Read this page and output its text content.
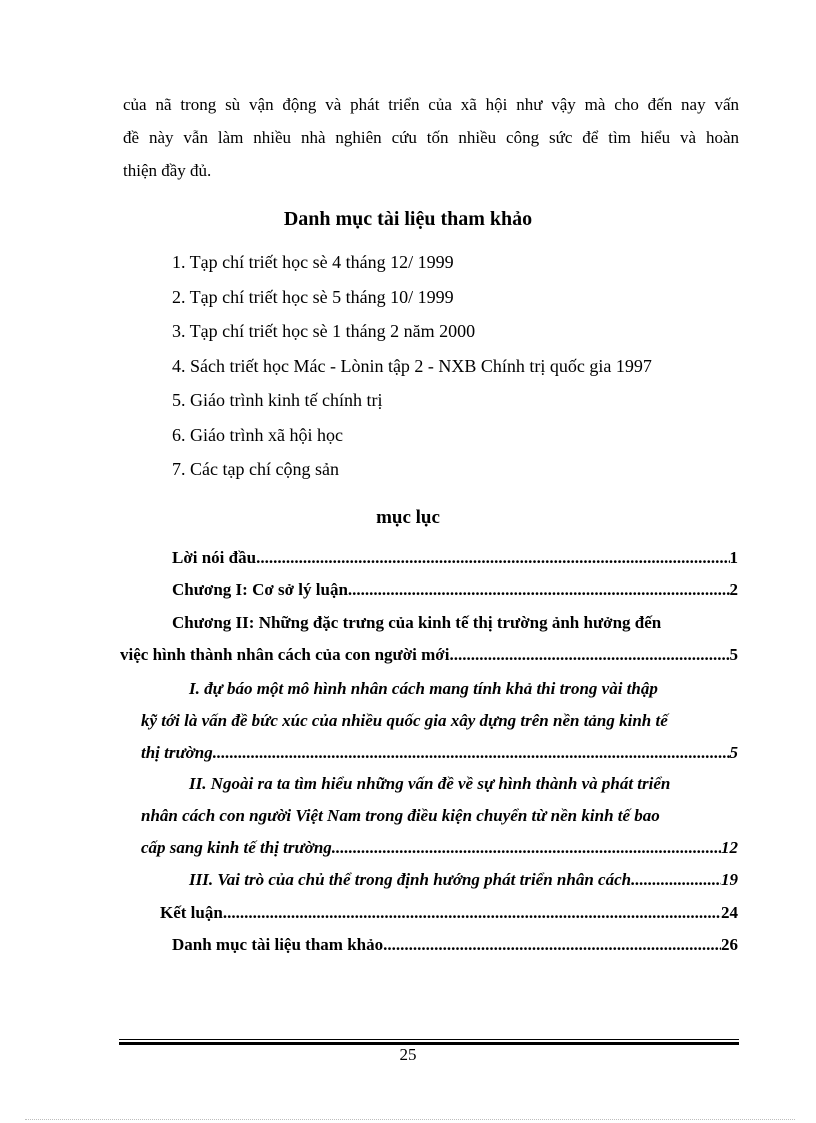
của nã trong sù vận động và phát triển của xã hội như vậy mà cho đến nay vấn
đề này vẫn làm nhiều nhà nghiên cứu tốn nhiều công sức để tìm hiểu và hoàn
thiện đầy đủ.
Danh mục tài liệu tham khảo
1. Tạp chí triết học sè 4 tháng 12/ 1999
2. Tạp chí triết học sè 5 tháng 10/ 1999
3. Tạp chí triết học sè 1 tháng 2 năm 2000
4. Sách triết học Mác - Lònin tập 2 - NXB Chính trị quốc gia 1997
5. Giáo trình kinh tế chính trị
6. Giáo trình xã hội học
7. Các tạp chí cộng sản
mục lục
Lời nói đầu .....	1
Chương I: Cơ sở lý luận .....	2
Chương II: Những đặc trưng của kinh tế thị trường ảnh hưởng đến
việc hình thành nhân cách của con người mới .....	5
I. đự báo một mô hình nhân cách mang tính khả thi trong vài thập
kỹ tới là vấn đề bức xúc của nhiều quốc gia xây dựng trên nền tảng kinh tế
thị trường .....	5
II. Ngoài ra ta tìm hiểu những vấn đề về sự hình thành và phát triển
nhân cách con người Việt Nam trong điều kiện chuyển từ nền kinh tế bao
cấp sang kinh tế thị trường .....	12
III. Vai trò của chủ thể trong định hướng phát triển nhân cách .....	19
Kết luận .....	24
Danh mục tài liệu tham khảo .....	26
25
